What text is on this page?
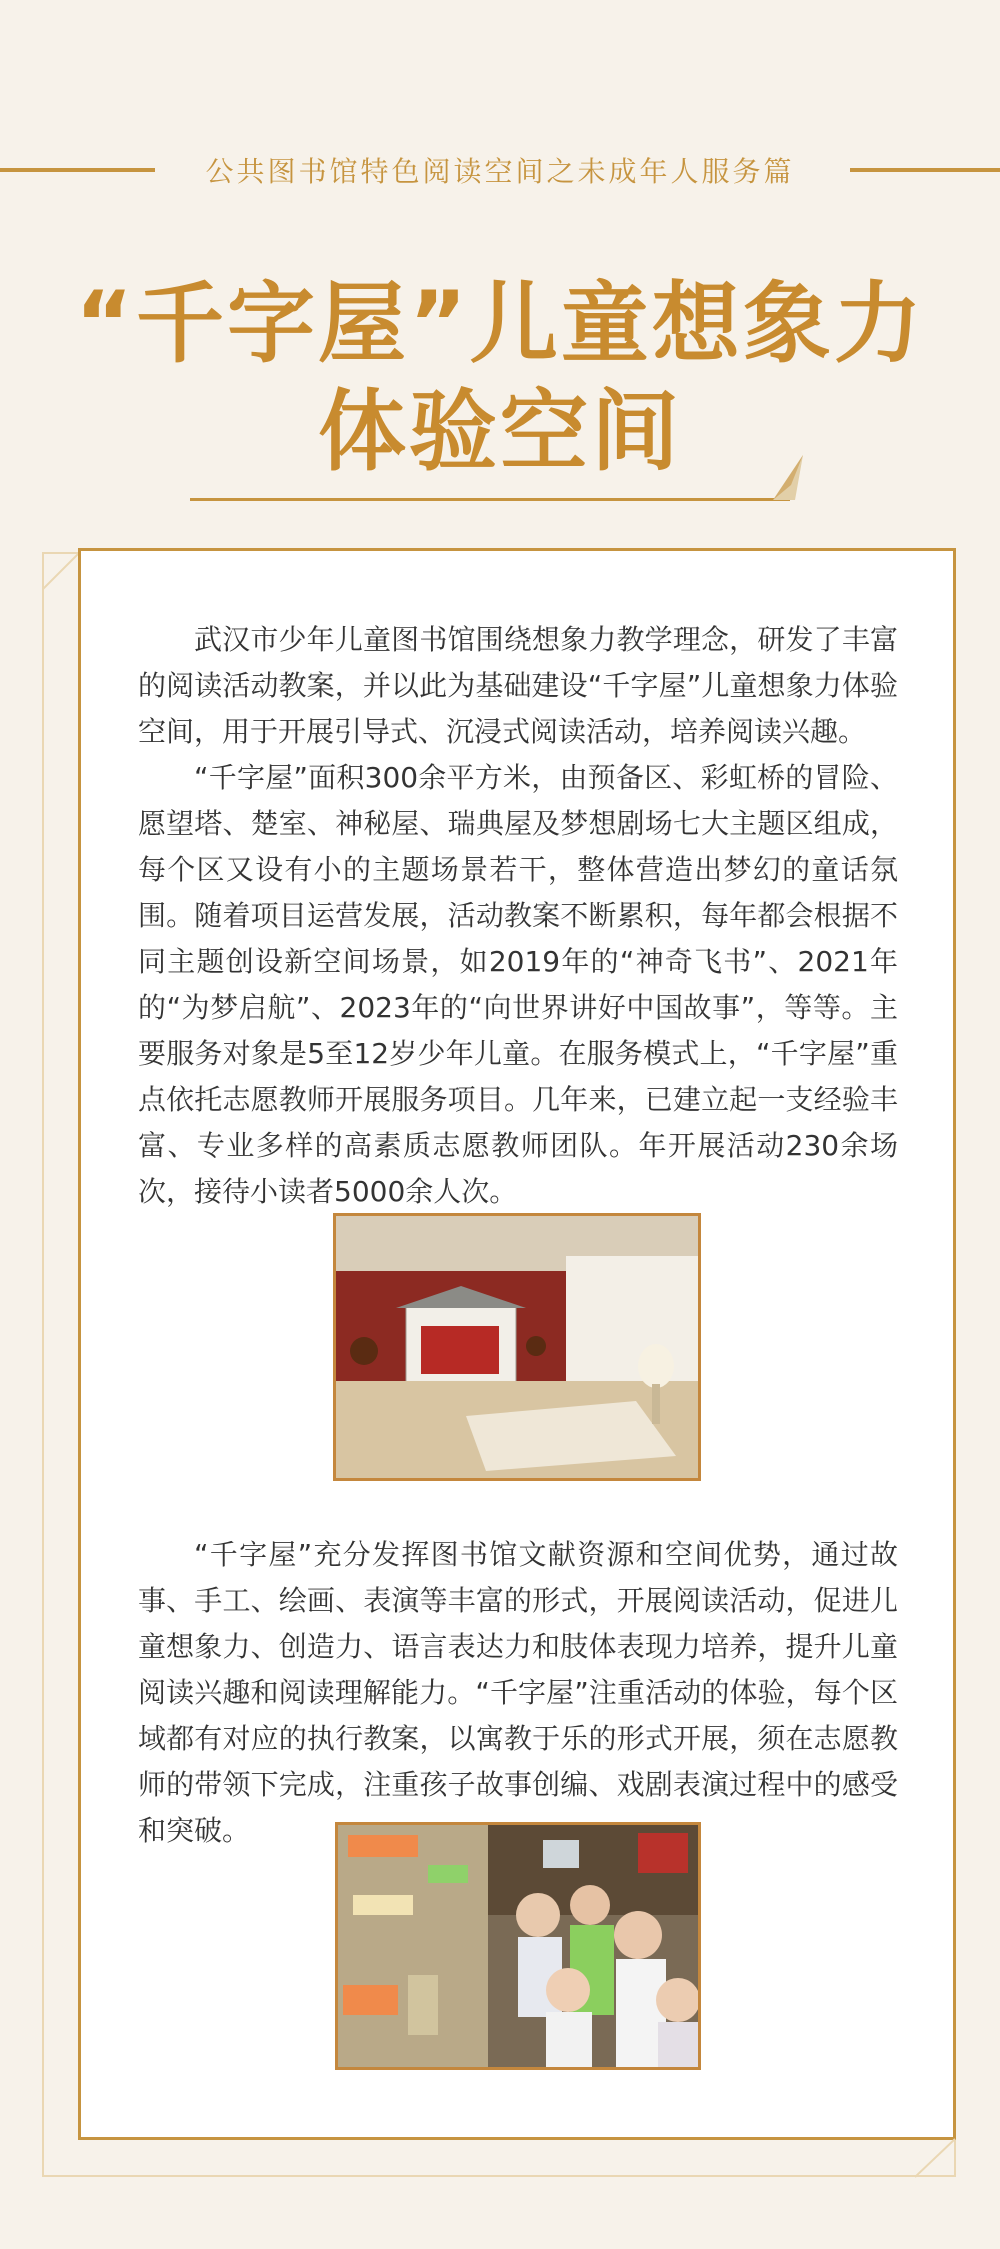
公共图书馆特色阅读空间之未成年人服务篇
“千字屋”儿童想象力
体验空间

武汉市少年儿童图书馆围绕想象力教学理念，研发了丰富的阅读活动教案，并以此为基础建设“千字屋”儿童想象力体验空间，用于开展引导式、沉浸式阅读活动，培养阅读兴趣。

“千字屋”面积300余平方米，由预备区、彩虹桥的冒险、愿望塔、楚室、神秘屋、瑞典屋及梦想剧场七大主题区组成，每个区又设有小的主题场景若干，整体营造出梦幻的童话氛围。随着项目运营发展，活动教案不断累积，每年都会根据不同主题创设新空间场景，如2019年的“神奇飞书”、2021年的“为梦启航”、2023年的“向世界讲好中国故事”，等等。主要服务对象是5至12岁少年儿童。在服务模式上，“千字屋”重点依托志愿教师开展服务项目。几年来，已建立起一支经验丰富、专业多样的高素质志愿教师团队。年开展活动230余场次，接待小读者5000余人次。

“千字屋”充分发挥图书馆文献资源和空间优势，通过故事、手工、绘画、表演等丰富的形式，开展阅读活动，促进儿童想象力、创造力、语言表达力和肢体表现力培养，提升儿童阅读兴趣和阅读理解能力。“千字屋”注重活动的体验，每个区域都有对应的执行教案，以寓教于乐的形式开展，须在志愿教师的带领下完成，注重孩子故事创编、戏剧表演过程中的感受和突破。
